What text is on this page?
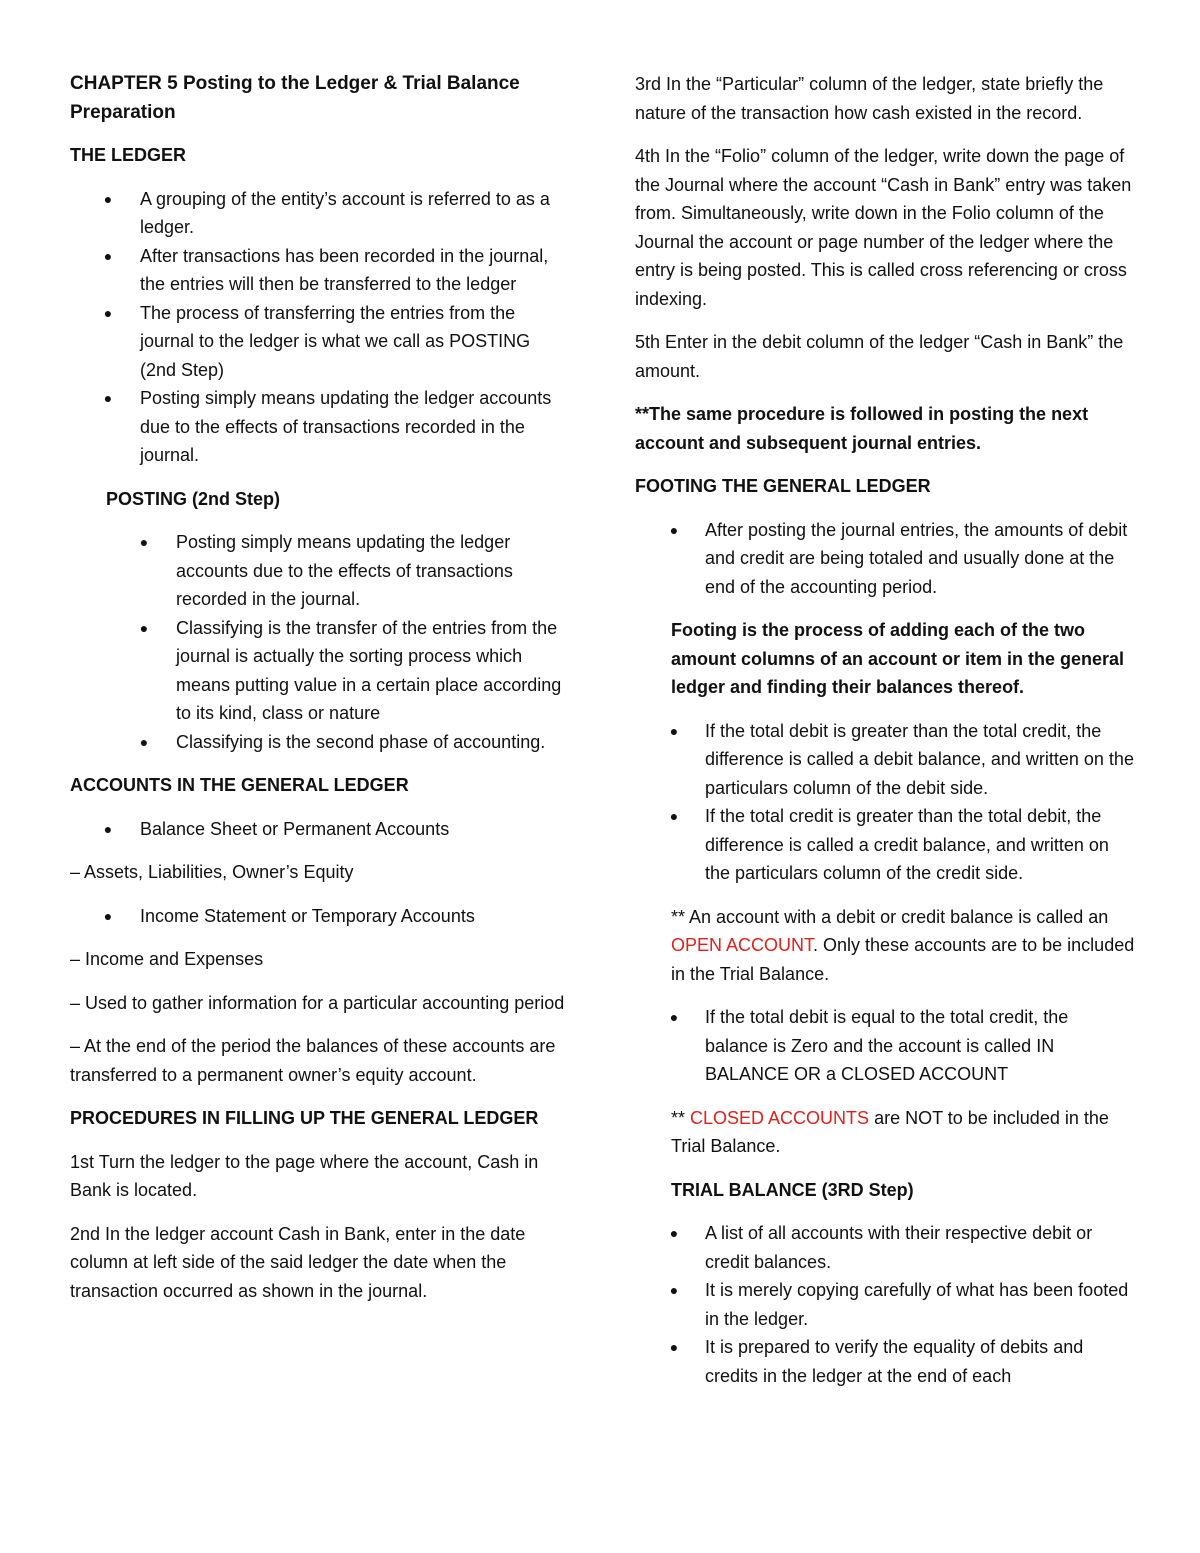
CHAPTER 5 Posting to the Ledger & Trial Balance Preparation
THE LEDGER
● A grouping of the entity’s account is referred to as a ledger.
● After transactions has been recorded in the journal, the entries will then be transferred to the ledger
● The process of transferring the entries from the journal to the ledger is what we call as POSTING (2nd Step)
● Posting simply means updating the ledger accounts due to the effects of transactions recorded in the journal.
POSTING (2nd Step)
● Posting simply means updating the ledger accounts due to the effects of transactions recorded in the journal.
● Classifying is the transfer of the entries from the journal is actually the sorting process which means putting value in a certain place according to its kind, class or nature
● Classifying is the second phase of accounting.
ACCOUNTS IN THE GENERAL LEDGER
● Balance Sheet or Permanent Accounts

– Assets, Liabilities, Owner’s Equity

● Income Statement or Temporary Accounts

– Income and Expenses

– Used to gather information for a particular accounting period

– At the end of the period the balances of these accounts are transferred to a permanent owner’s equity account.

PROCEDURES IN FILLING UP THE GENERAL LEDGER

1st Turn the ledger to the page where the account, Cash in Bank is located.

2nd In the ledger account Cash in Bank, enter in the date column at left side of the said ledger the date when the transaction occurred as shown in the journal.

3rd In the “Particular” column of the ledger, state briefly the nature of the transaction how cash existed in the record.

4th In the “Folio” column of the ledger, write down the page of the Journal where the account “Cash in Bank” entry was taken from. Simultaneously, write down in the Folio column of the Journal the account or page number of the ledger where the entry is being posted. This is called cross referencing or cross indexing.

5th Enter in the debit column of the ledger “Cash in Bank” the amount.

**The same procedure is followed in posting the next account and subsequent journal entries.

FOOTING THE GENERAL LEDGER
● After posting the journal entries, the amounts of debit and credit are being totaled and usually done at the end of the accounting period.

Footing is the process of adding each of the two amount columns of an account or item in the general ledger and finding their balances thereof.

● If the total debit is greater than the total credit, the difference is called a debit balance, and written on the particulars column of the debit side.
● If the total credit is greater than the total debit, the difference is called a credit balance, and written on the particulars column of the credit side.

** An account with a debit or credit balance is called an OPEN ACCOUNT. Only these accounts are to be included in the Trial Balance.

● If the total debit is equal to the total credit, the balance is Zero and the account is called IN BALANCE OR a CLOSED ACCOUNT

** CLOSED ACCOUNTS are NOT to be included in the Trial Balance.

TRIAL BALANCE (3RD Step)
● A list of all accounts with their respective debit or credit balances.
● It is merely copying carefully of what has been footed in the ledger.
● It is prepared to verify the equality of debits and credits in the ledger at the end of each
